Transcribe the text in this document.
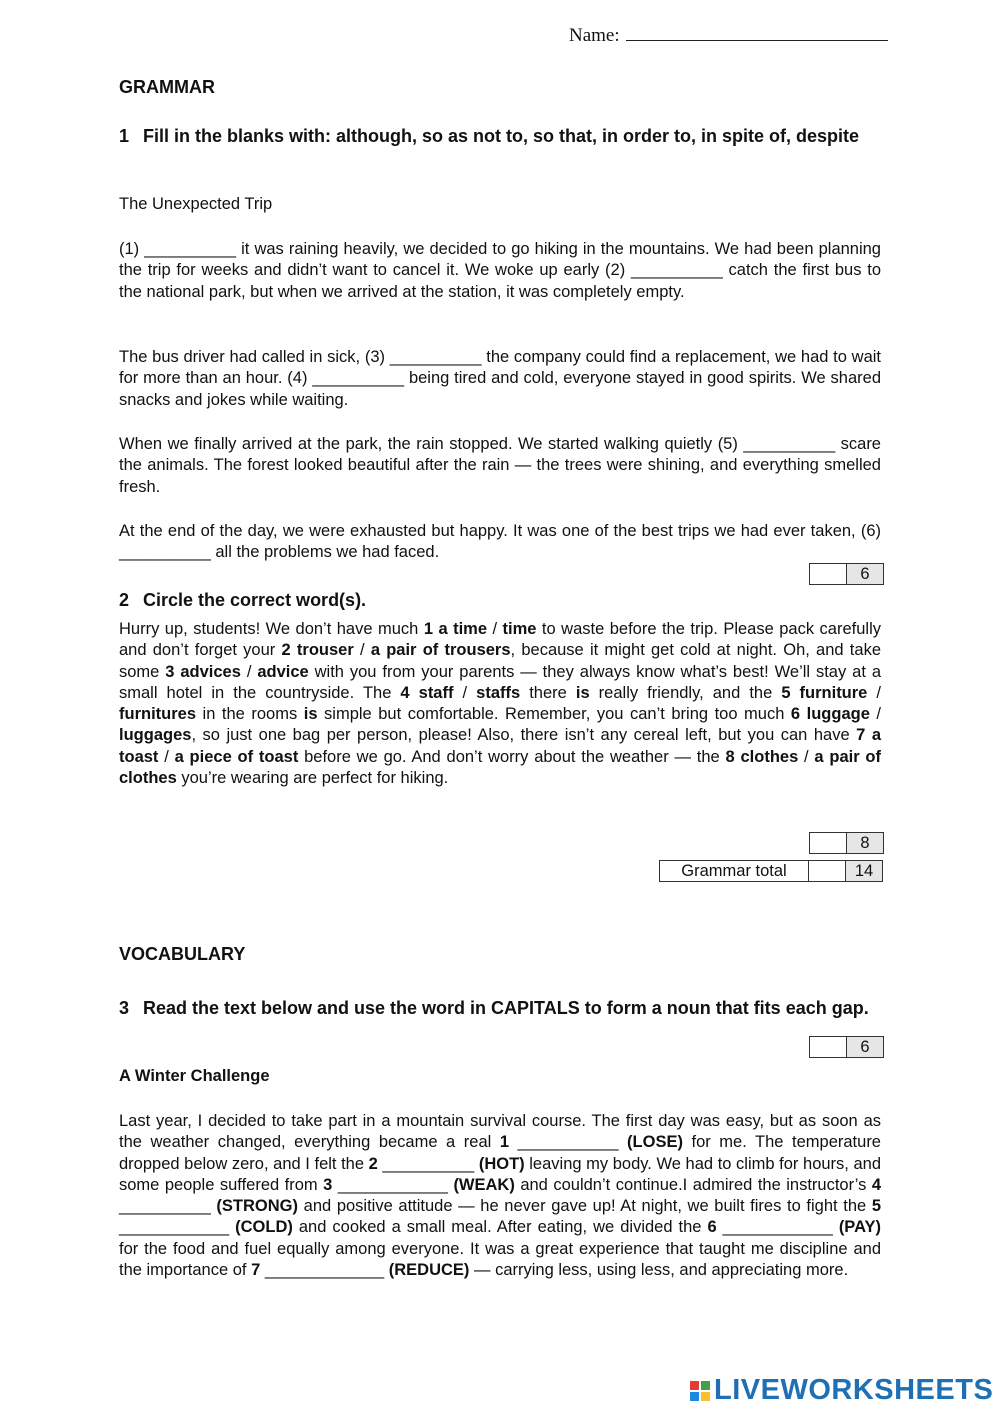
Name:
GRAMMAR
1 Fill in the blanks with: although, so as not to, so that, in order to, in spite of, despite
The Unexpected Trip
(1) __________ it was raining heavily, we decided to go hiking in the mountains. We had been planning the trip for weeks and didn’t want to cancel it. We woke up early (2) __________ catch the first bus to the national park, but when we arrived at the station, it was completely empty.
The bus driver had called in sick, (3) __________ the company could find a replacement, we had to wait for more than an hour. (4) __________ being tired and cold, everyone stayed in good spirits. We shared snacks and jokes while waiting.
When we finally arrived at the park, the rain stopped. We started walking quietly (5) __________ scare the animals. The forest looked beautiful after the rain — the trees were shining, and everything smelled fresh.
At the end of the day, we were exhausted but happy. It was one of the best trips we had ever taken, (6) __________ all the problems we had faced.
6
2 Circle the correct word(s).
Hurry up, students! We don’t have much 1 a time / time to waste before the trip. Please pack carefully and don’t forget your 2 trouser / a pair of trousers, because it might get cold at night. Oh, and take some 3 advices / advice with you from your parents — they always know what’s best! We’ll stay at a small hotel in the countryside. The 4 staff / staffs there is really friendly, and the 5 furniture / furnitures in the rooms is simple but comfortable. Remember, you can’t bring too much 6 luggage / luggages, so just one bag per person, please! Also, there isn’t any cereal left, but you can have 7 a toast / a piece of toast before we go. And don’t worry about the weather — the 8 clothes / a pair of clothes you’re wearing are perfect for hiking.
8
Grammar total	14
VOCABULARY
3 Read the text below and use the word in CAPITALS to form a noun that fits each gap.
6
A Winter Challenge
Last year, I decided to take part in a mountain survival course. The first day was easy, but as soon as the weather changed, everything became a real 1 ___________ (LOSE) for me. The temperature dropped below zero, and I felt the 2 __________ (HOT) leaving my body. We had to climb for hours, and some people suffered from 3 ____________ (WEAK) and couldn’t continue.I admired the instructor’s 4 __________ (STRONG) and positive attitude — he never gave up! At night, we built fires to fight the 5 ____________ (COLD) and cooked a small meal. After eating, we divided the 6 ____________ (PAY) for the food and fuel equally among everyone. It was a great experience that taught me discipline and the importance of 7 _____________ (REDUCE) — carrying less, using less, and appreciating more.
LIVEWORKSHEETS
